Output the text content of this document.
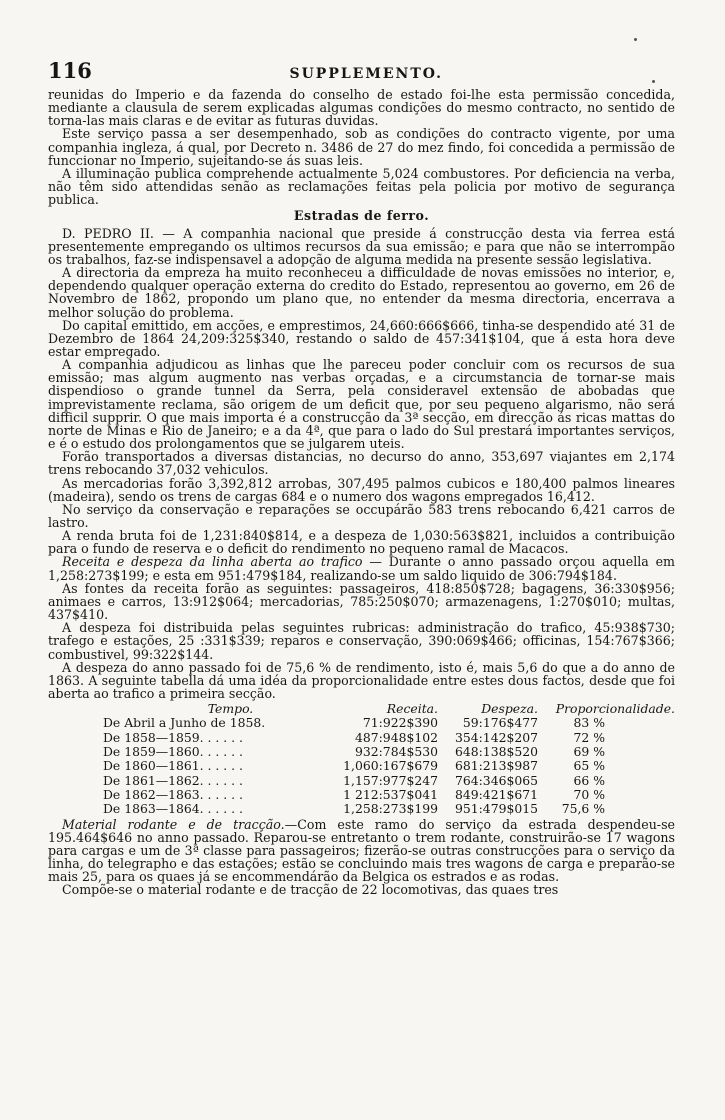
116	SUPPLEMENTO.

reunidas do Imperio e da fazenda do conselho de estado foi-lhe esta permissão concedida, mediante a clausula de serem explicadas algumas condições do mesmo contracto, no sentido de torna-las mais claras e de evitar as futuras duvidas.

Este serviço passa a ser desempenhado, sob as condições do contracto vigente, por uma companhia ingleza, á qual, por Decreto n. 3486 de 27 do mez findo, foi concedida a permissão de funccionar no Imperio, sujeitando-se ás suas leis.

A illuminação publica comprehende actualmente 5,024 combustores. Por deficiencia na verba, não têm sido attendidas senão as reclamações feitas pela policia por motivo de segurança publica.

Estradas de ferro.

D. PEDRO II. — A companhia nacional que preside á construcção desta via ferrea está presentemente empregando os ultimos recursos da sua emissão; e para que não se interrompão os trabalhos, faz-se indispensavel a adopção de alguma medida na presente sessão legislativa.

A directoria da empreza ha muito reconheceu a difficuldade de novas emissões no interior, e, dependendo qualquer operação externa do credito do Estado, representou ao governo, em 26 de Novembro de 1862, propondo um plano que, no entender da mesma directoria, encerrava a melhor solução do problema.

Do capital emittido, em acções, e emprestimos, 24,660:666$666, tinha-se despendido até 31 de Dezembro de 1864 24,209:325$340, restando o saldo de 457:341$104, que á esta hora deve estar empregado.

A companhia adjudicou as linhas que lhe pareceu poder concluir com os recursos de sua emissão; mas algum augmento nas verbas orçadas, e a circumstancia de tornar-se mais dispendioso o grande tunnel da Serra, pela consideravel extensão de abobadas que imprevistamente reclama, são origem de um deficit que, por seu pequeno algarismo, não será difficil supprir. O que mais importa é a construcção da 3ª secção, em direcção ás ricas mattas do norte de Minas e Rio de Janeiro; e a da 4ª, que para o lado do Sul prestará importantes serviços, e é o estudo dos prolongamentos que se julgarem uteis.

Forão transportados a diversas distancias, no decurso do anno, 353,697 viajantes em 2,174 trens rebocando 37,032 vehiculos.

As mercadorias forão 3,392,812 arrobas, 307,495 palmos cubicos e 180,400 palmos lineares (madeira), sendo os trens de cargas 684 e o numero dos wagons empregados 16,412.

No serviço da conservação e reparações se occupárão 583 trens rebocando 6,421 carros de lastro.

A renda bruta foi de 1,231:840$814, e a despeza de 1,030:563$821, incluidos a contribuição para o fundo de reserva e o deficit do rendimento no pequeno ramal de Macacos.

Receita e despeza da linha aberta ao trafico — Durante o anno passado orçou aquella em 1,258:273$199; e esta em 951:479$184, realizando-se um saldo liquido de 306:794$184.

As fontes da receita forão as seguintes: passageiros, 418:850$728; bagagens, 36:330$956; animaes e carros, 13:912$064; mercadorias, 785:250$070; armazenagens, 1:270$010; multas, 437$410.

A despeza foi distribuida pelas seguintes rubricas: administração do trafico, 45:938$730; trafego e estações, 25 :331$339; reparos e conservação, 390:069$466; officinas, 154:767$366; combustivel, 99:322$144.

A despeza do anno passado foi de 75,6 % de rendimento, isto é, mais 5,6 do que a do anno de 1863. A seguinte tabella dá uma idéa da proporcionalidade entre estes dous factos, desde que foi aberta ao trafico a primeira secção.

Tempo.	Receita.	Despeza.	Proporcionalidade.
De Abril a Junho de 1858.	71:922$390	59:176$477	83 %
De 1858—1859. . . . . .	487:948$102	354:142$207	72 %
De 1859—1860. . . . . .	932:784$530	648:138$520	69 %
De 1860—1861. . . . . .	1,060:167$679	681:213$987	65 %
De 1861—1862. . . . . .	1,157:977$247	764:346$065	66 %
De 1862—1863. . . . . .	1 212:537$041	849:421$671	70 %
De 1863—1864. . . . . .	1,258:273$199	951:479$015	75,6 %

Material rodante e de tracção.—Com este ramo do serviço da estrada despendeu-se 195.464$646 no anno passado. Reparou-se entretanto o trem rodante, construirão-se 17 wagons para cargas e um de 3ª classe para passageiros; fizerão-se outras construcções para o serviço da linha, do telegrapho e das estações; estão se concluindo mais tres wagons de carga e preparão-se mais 25, para os quaes já se encommendárão da Belgica os estrados e as rodas.

Compõe-se o material rodante e de tracção de 22 locomotivas, das quaes tres
